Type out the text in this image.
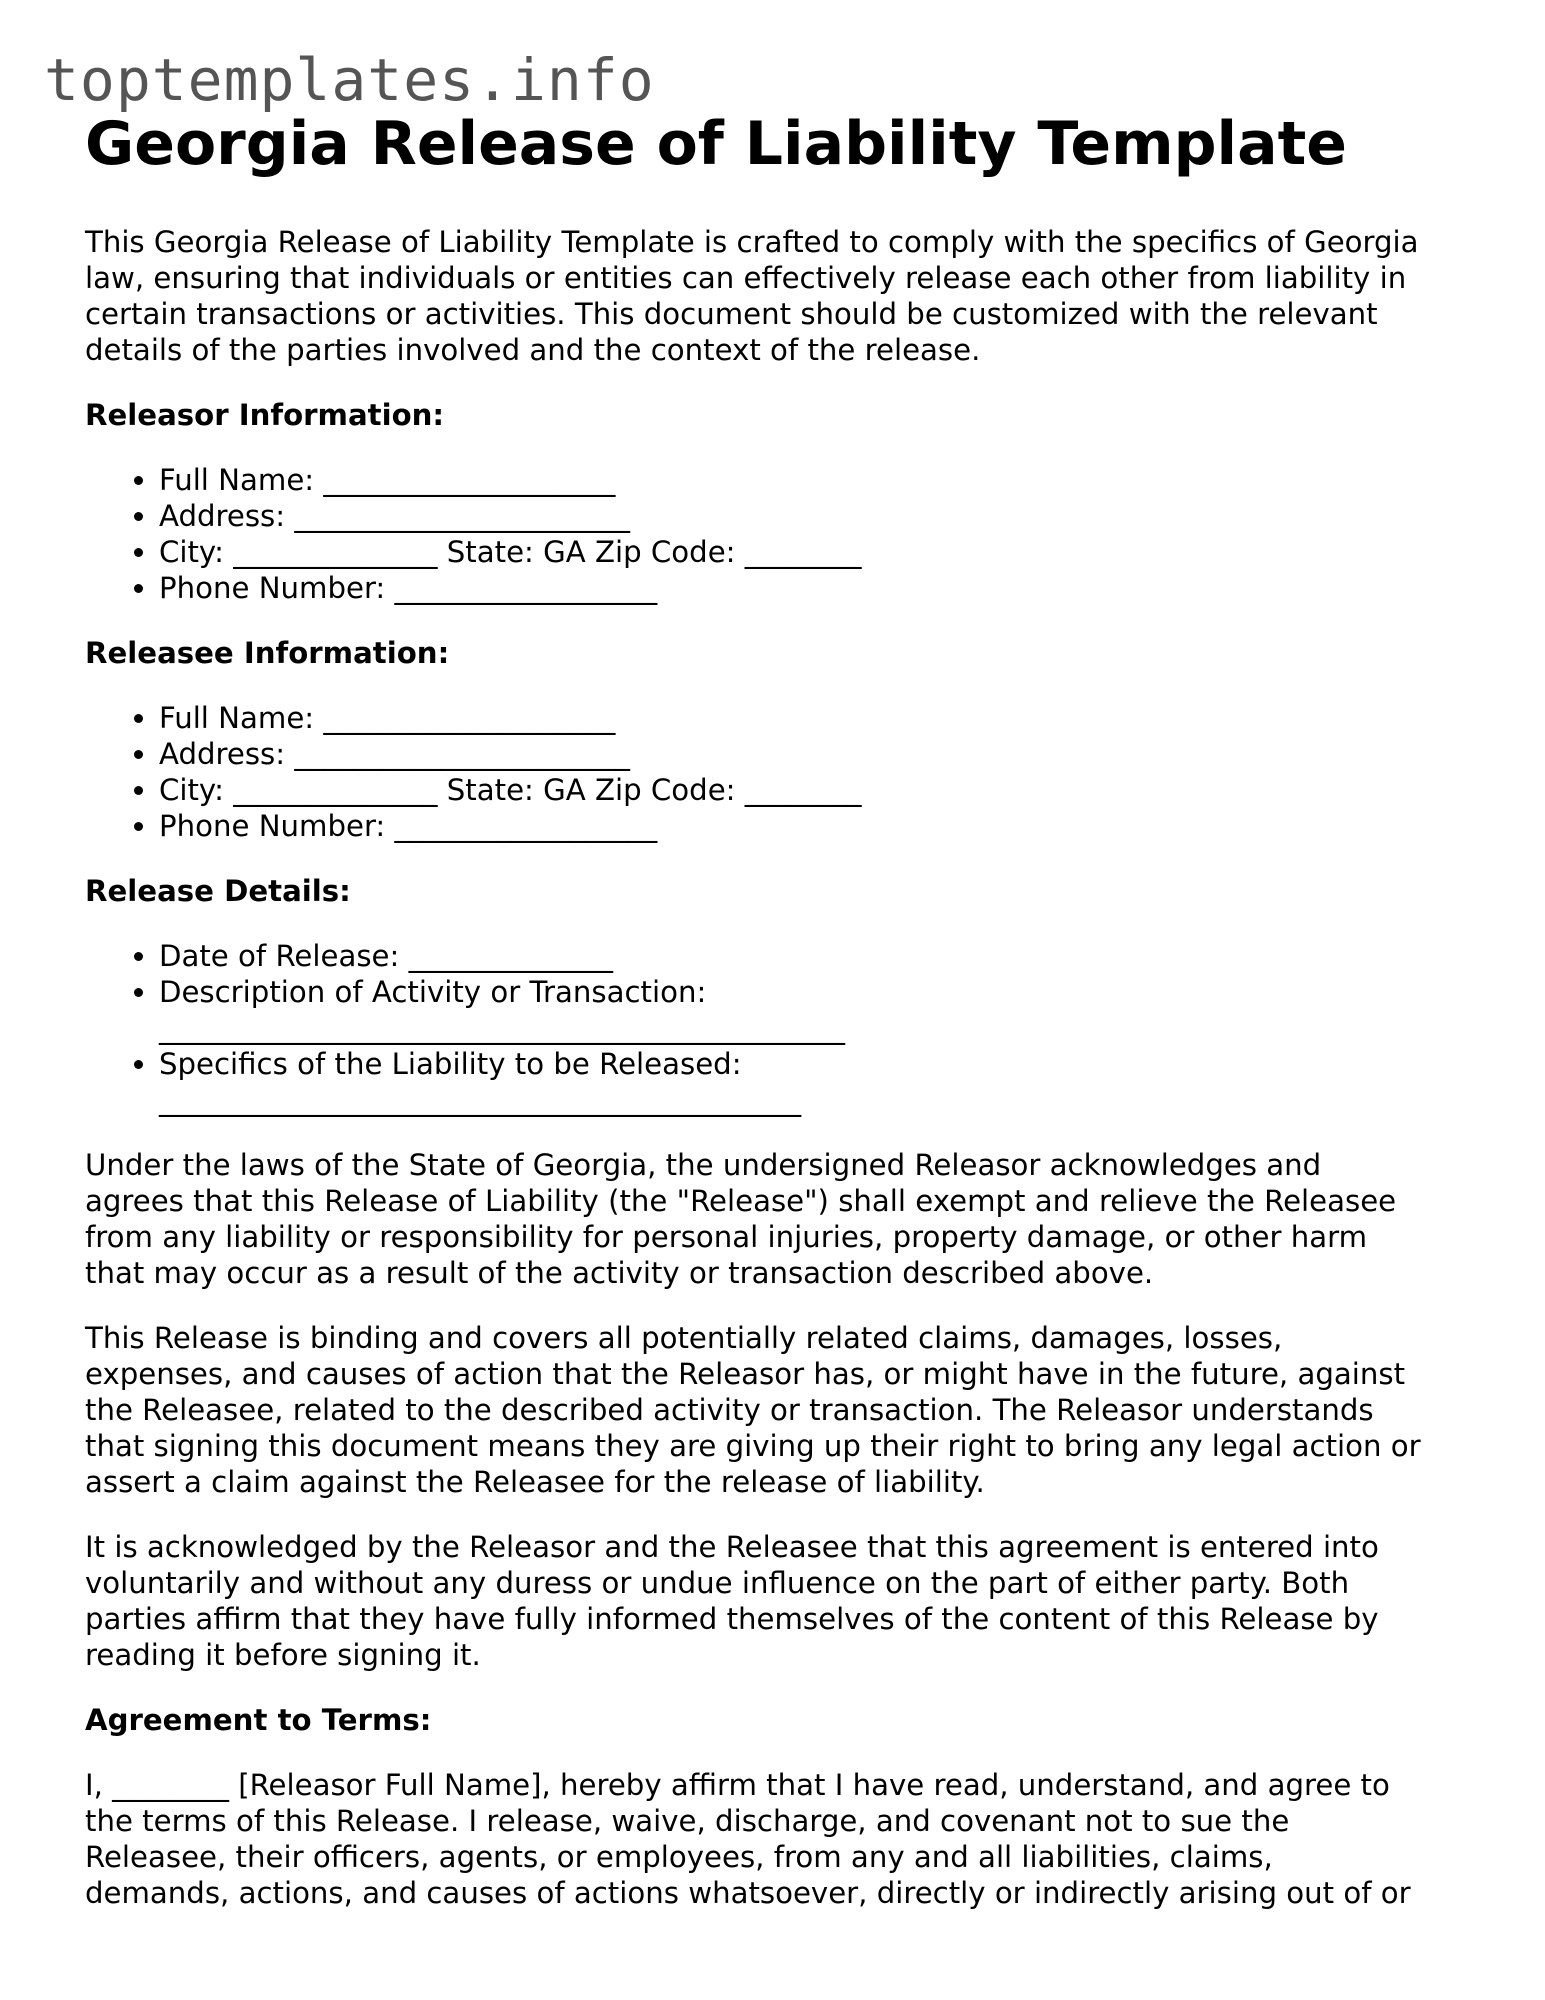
toptemplates.info
Georgia Release of Liability Template

This Georgia Release of Liability Template is crafted to comply with the specifics of Georgia
law, ensuring that individuals or entities can effectively release each other from liability in
certain transactions or activities. This document should be customized with the relevant
details of the parties involved and the context of the release.

Releasor Information:
• Full Name: ____________________
• Address: _______________________
• City: ______________ State: GA Zip Code: ________
• Phone Number: __________________
Releasee Information:
• Full Name: ____________________
• Address: _______________________
• City: ______________ State: GA Zip Code: ________
• Phone Number: __________________
Release Details:
• Date of Release: ______________
• Description of Activity or Transaction:
_______________________________________________
• Specifics of the Liability to be Released:
____________________________________________

Under the laws of the State of Georgia, the undersigned Releasor acknowledges and
agrees that this Release of Liability (the "Release") shall exempt and relieve the Releasee
from any liability or responsibility for personal injuries, property damage, or other harm
that may occur as a result of the activity or transaction described above.

This Release is binding and covers all potentially related claims, damages, losses,
expenses, and causes of action that the Releasor has, or might have in the future, against
the Releasee, related to the described activity or transaction. The Releasor understands
that signing this document means they are giving up their right to bring any legal action or
assert a claim against the Releasee for the release of liability.

It is acknowledged by the Releasor and the Releasee that this agreement is entered into
voluntarily and without any duress or undue influence on the part of either party. Both
parties affirm that they have fully informed themselves of the content of this Release by
reading it before signing it.

Agreement to Terms:

I, ________ [Releasor Full Name], hereby affirm that I have read, understand, and agree to
the terms of this Release. I release, waive, discharge, and covenant not to sue the
Releasee, their officers, agents, or employees, from any and all liabilities, claims,
demands, actions, and causes of actions whatsoever, directly or indirectly arising out of or
